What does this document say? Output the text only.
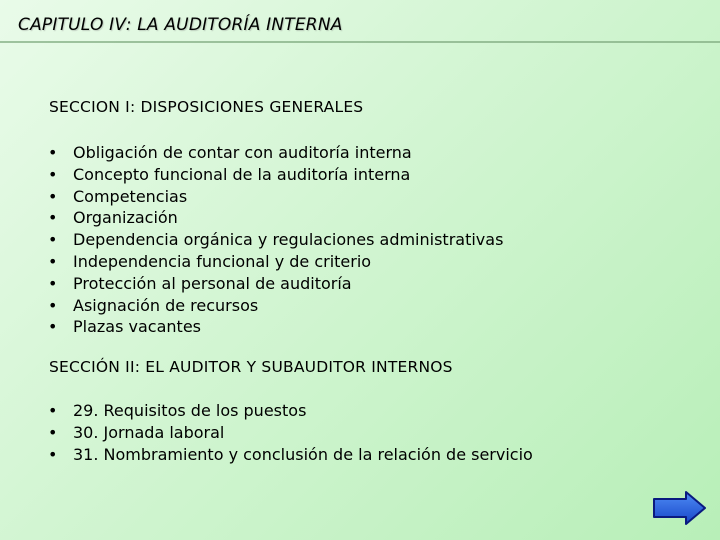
CAPITULO IV: LA AUDITORÍA INTERNA
SECCION I: DISPOSICIONES GENERALES
• Obligación de contar con auditoría interna
• Concepto funcional de la auditoría interna
• Competencias
• Organización
• Dependencia orgánica y regulaciones administrativas
• Independencia funcional y de criterio
• Protección al personal de auditoría
• Asignación de recursos
• Plazas vacantes
SECCIÓN II: EL AUDITOR Y SUBAUDITOR INTERNOS
• 29. Requisitos de los puestos
• 30. Jornada laboral
• 31. Nombramiento y conclusión de la relación de servicio
